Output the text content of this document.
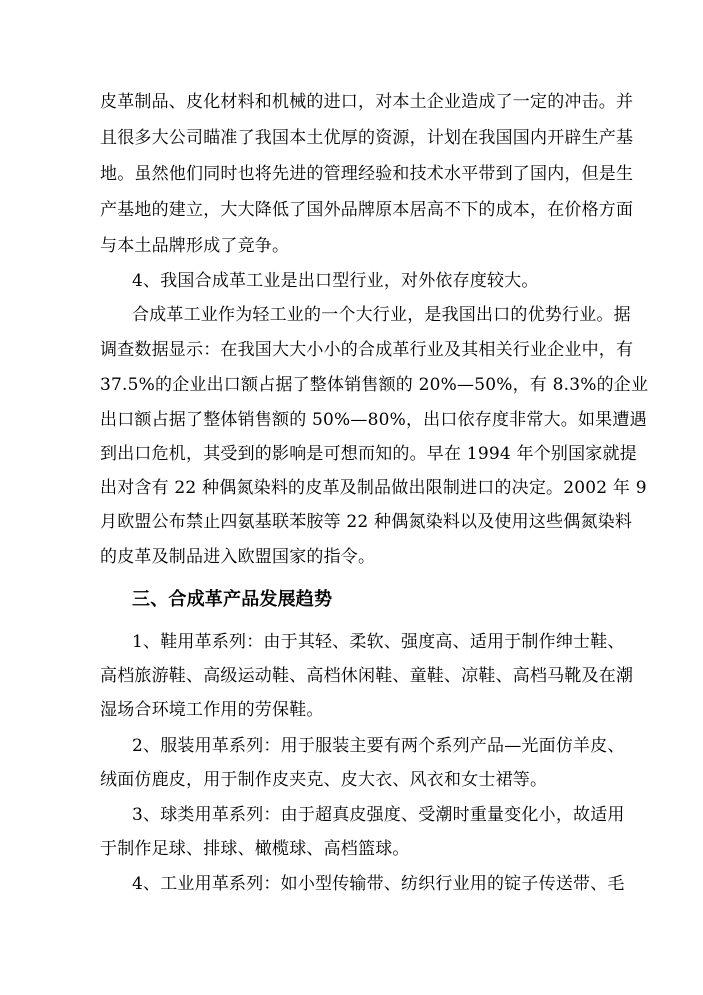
皮革制品、皮化材料和机械的进口，对本土企业造成了一定的冲击。并
且很多大公司瞄准了我国本土优厚的资源，计划在我国国内开辟生产基
地。虽然他们同时也将先进的管理经验和技术水平带到了国内，但是生
产基地的建立，大大降低了国外品牌原本居高不下的成本，在价格方面
与本土品牌形成了竞争。
4、我国合成革工业是出口型行业，对外依存度较大。
合成革工业作为轻工业的一个大行业，是我国出口的优势行业。据
调查数据显示：在我国大大小小的合成革行业及其相关行业企业中，有
37.5%的企业出口额占据了整体销售额的 20%—50%，有 8.3%的企业
出口额占据了整体销售额的 50%—80%，出口依存度非常大。如果遭遇
到出口危机，其受到的影响是可想而知的。早在 1994 年个别国家就提
出对含有 22 种偶氮染料的皮革及制品做出限制进口的决定。2002 年 9
月欧盟公布禁止四氨基联苯胺等 22 种偶氮染料以及使用这些偶氮染料
的皮革及制品进入欧盟国家的指令。
三、合成革产品发展趋势
1、鞋用革系列：由于其轻、柔软、强度高、适用于制作绅士鞋、
高档旅游鞋、高级运动鞋、高档休闲鞋、童鞋、凉鞋、高档马靴及在潮
湿场合环境工作用的劳保鞋。
2、服装用革系列：用于服装主要有两个系列产品—光面仿羊皮、
绒面仿鹿皮，用于制作皮夹克、皮大衣、风衣和女士裙等。
3、球类用革系列：由于超真皮强度、受潮时重量变化小，故适用
于制作足球、排球、橄榄球、高档篮球。
4、工业用革系列：如小型传输带、纺织行业用的锭子传送带、毛
